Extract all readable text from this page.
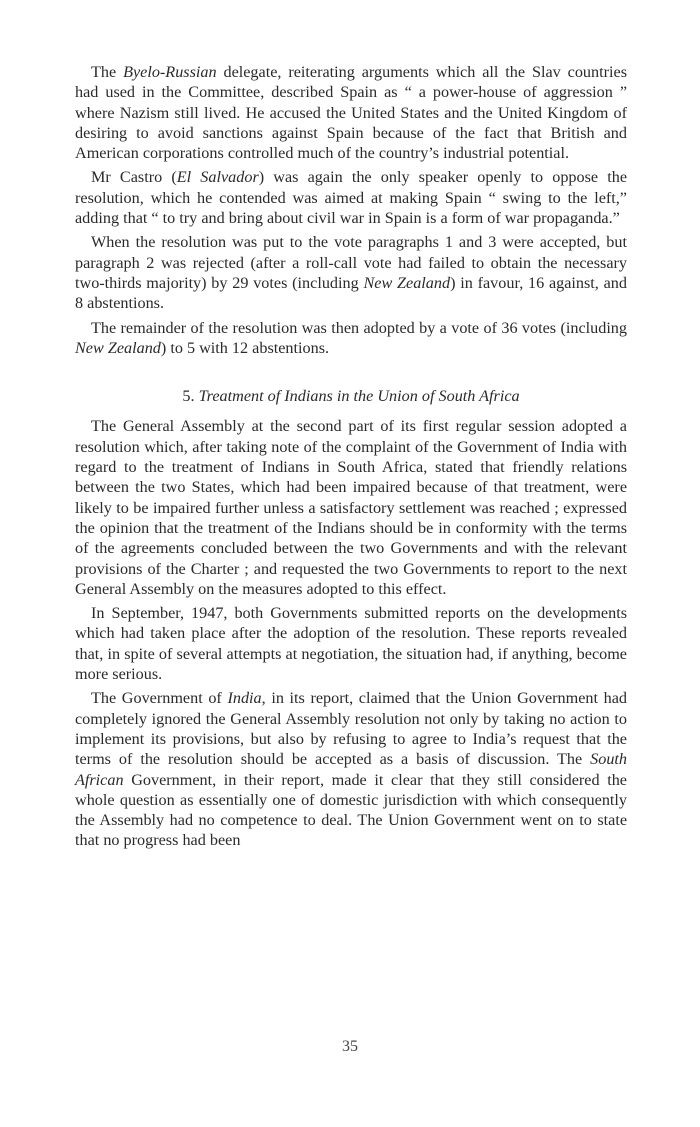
The Byelo-Russian delegate, reiterating arguments which all the Slav countries had used in the Committee, described Spain as “ a power-house of aggression ” where Nazism still lived. He accused the United States and the United Kingdom of desiring to avoid sanctions against Spain because of the fact that British and American corporations controlled much of the country’s industrial potential.

Mr Castro (El Salvador) was again the only speaker openly to oppose the resolution, which he contended was aimed at making Spain “ swing to the left,” adding that “ to try and bring about civil war in Spain is a form of war propaganda.”

When the resolution was put to the vote paragraphs 1 and 3 were accepted, but paragraph 2 was rejected (after a roll-call vote had failed to obtain the necessary two-thirds majority) by 29 votes (including New Zealand) in favour, 16 against, and 8 abstentions.

The remainder of the resolution was then adopted by a vote of 36 votes (including New Zealand) to 5 with 12 abstentions.

5. Treatment of Indians in the Union of South Africa

The General Assembly at the second part of its first regular session adopted a resolution which, after taking note of the complaint of the Government of India with regard to the treatment of Indians in South Africa, stated that friendly relations between the two States, which had been impaired because of that treatment, were likely to be impaired further unless a satisfactory settlement was reached ; expressed the opinion that the treatment of the Indians should be in conformity with the terms of the agreements concluded between the two Governments and with the relevant provisions of the Charter ; and requested the two Governments to report to the next General Assembly on the measures adopted to this effect.

In September, 1947, both Governments submitted reports on the developments which had taken place after the adoption of the resolution. These reports revealed that, in spite of several attempts at negotiation, the situation had, if anything, become more serious.

The Government of India, in its report, claimed that the Union Government had completely ignored the General Assembly resolution not only by taking no action to implement its provisions, but also by refusing to agree to India’s request that the terms of the resolution should be accepted as a basis of discussion. The South African Government, in their report, made it clear that they still considered the whole question as essentially one of domestic jurisdiction with which consequently the Assembly had no competence to deal. The Union Government went on to state that no progress had been

35
